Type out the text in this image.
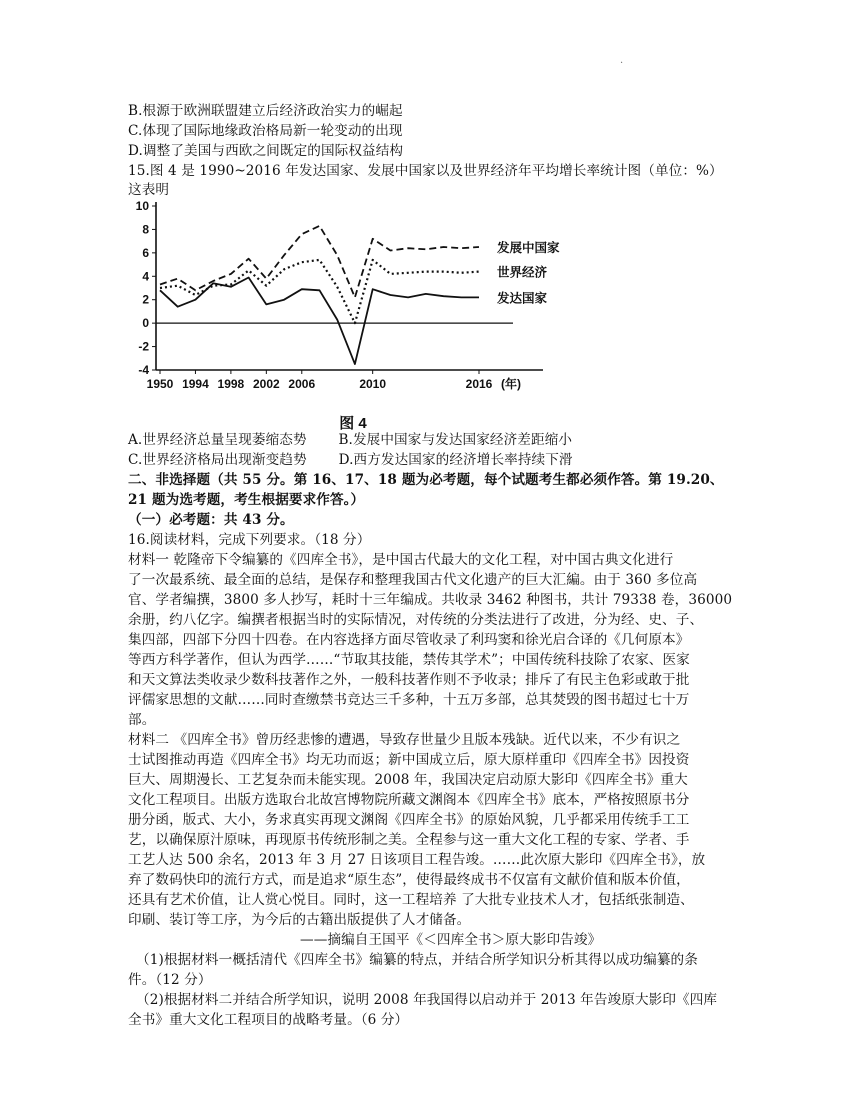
·
B.根源于欧洲联盟建立后经济政治实力的崛起
C.体现了国际地缘政治格局新一轮变动的出现
D.调整了美国与西欧之间既定的国际权益结构
15.图 4 是 1990~2016 年发达国家、发展中国家以及世界经济年平均增长率统计图（单位：%）
这表明
10
8
6
4
2
0
-2
-4
1950 1994 1998 2002 2006	2010	2016 (年)
发展中国家
世界经济
发达国家
图 4
A.世界经济总量呈现萎缩态势 　　B.发展中国家与发达国家经济差距缩小
C.世界经济格局出现渐变趋势 　　D.西方发达国家的经济增长率持续下滑
二、非选择题（共 55 分。第 16、17、18 题为必考题，每个试题考生都必须作答。第 19.20、
21 题为选考题，考生根据要求作答。）
（一）必考题：共 43 分。
16.阅读材料，完成下列要求。（18 分）
材料一 乾隆帝下令编纂的《四库全书》，是中国古代最大的文化工程，对中国古典文化进行
了一次最系统、最全面的总结，是保存和整理我国古代文化遗产的巨大汇編。由于 360 多位高
官、学者编撰，3800 多人抄写，耗时十三年编成。共收录 3462 种图书，共计 79338 卷，36000
余册，约八亿字。编撰者根据当时的实际情况，对传统的分类法进行了改进，分为经、史、子、
集四部，四部下分四十四卷。在内容选择方面尽管收录了利玛窦和徐光启合译的《几何原本》
等西方科学著作，但认为西学……“节取其技能，禁传其学术”；中国传统科技除了农家、医家
和天文算法类收录少数科技著作之外，一般科技著作则不予收录；排斥了有民主色彩或敢于批
评儒家思想的文献……同时查缴禁书竞达三千多种，十五万多部，总其焚毁的图书超过七十万
部。
材料二 《四库全书》曾历经悲惨的遭遇，导致存世量少且版本残缺。近代以来，不少有识之
士试图推动再造《四库全书》均无功而返；新中国成立后，原大原样重印《四库全书》因投资
巨大、周期漫长、工艺复杂而未能实现。2008 年，我国决定启动原大影印《四库全书》重大
文化工程项目。出版方选取台北故宫博物院所藏文渊阁本《四库全书》底本，严格按照原书分
册分函，版式、大小，务求真实再现文渊阁《四库全书》的原始风貌，几乎都采用传统手工工
艺，以确保原汁原味，再现原书传统形制之美。全程参与这一重大文化工程的专家、学者、手
工艺人达 500 余名，2013 年 3 月 27 日该项目工程告竣。……此次原大影印《四库全书》，放
弃了数码快印的流行方式，而是追求“原生态”，使得最终成书不仅富有文献价值和版本价值，
还具有艺术价值，让人赏心悦目。同时，这一工程培养 了大批专业技术人才，包括纸张制造、
印刷、装订等工序，为今后的古籍出版提供了人才储备。
——摘编自王国平《＜四库全书＞原大影印告竣》
（1)根据材料一概括清代《四库全书》编纂的特点，并结合所学知识分析其得以成功编纂的条
件。（12 分）
（2)根据材料二并结合所学知识，说明 2008 年我国得以启动并于 2013 年告竣原大影印《四库
全书》重大文化工程项目的战略考量。（6 分）
